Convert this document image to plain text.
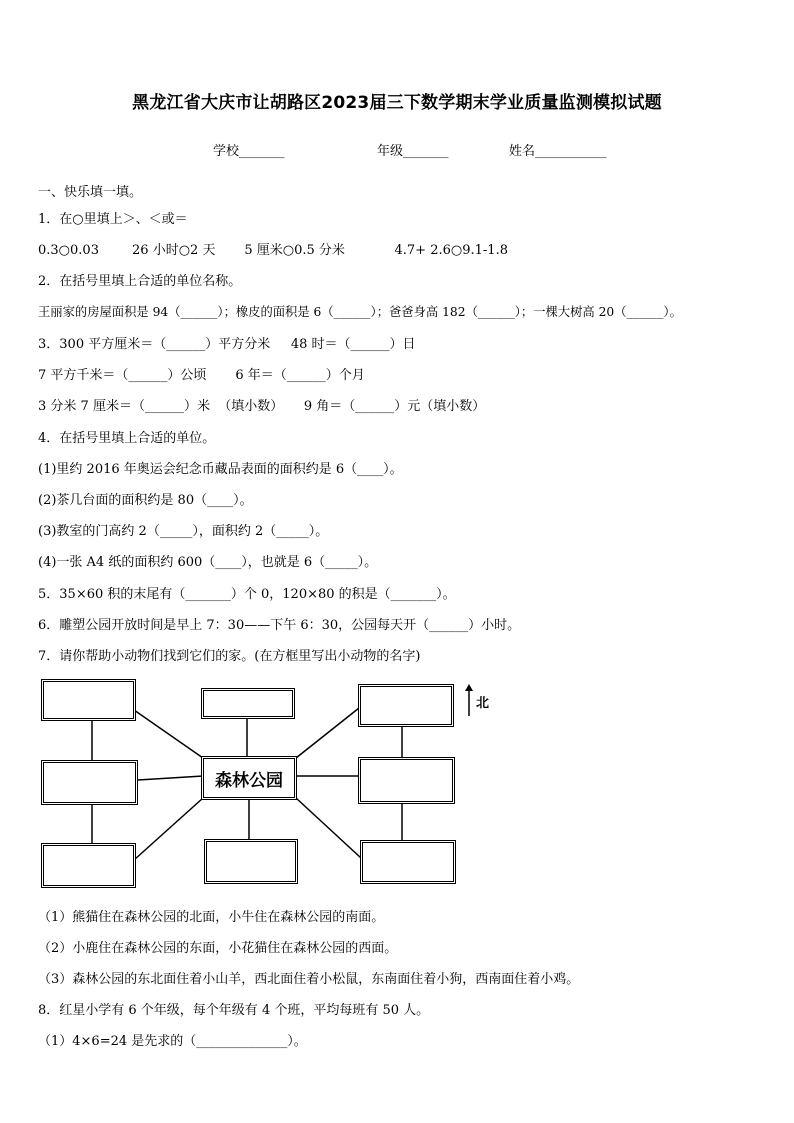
黑龙江省大庆市让胡路区2023届三下数学期末学业质量监测模拟试题
学校_______	年级_______	姓名___________
一、快乐填一填。
1．在○里填上＞、＜或＝
0.3○0.03        26 小时○2 天       5 厘米○0.5 分米            4.7+ 2.6○9.1-1.8
2．在括号里填上合适的单位名称。
王丽家的房屋面积是 94（______）；橡皮的面积是 6（______）；爸爸身高 182（______）；一棵大树高 20（______）。
3．300 平方厘米＝（______）平方分米     48 时＝（______）日
7 平方千米＝（______）公顷       6 年＝（______）个月
3 分米 7 厘米＝（______）米  （填小数）     9 角＝（______）元（填小数）
4．在括号里填上合适的单位。
(1)里约 2016 年奥运会纪念币藏品表面的面积约是 6（____）。
(2)茶几台面的面积约是 80（____）。
(3)教室的门高约 2（_____），面积约 2（_____）。
(4)一张 A4 纸的面积约 600（____），也就是 6（_____）。
5．35×60 积的末尾有（_______）个 0，120×80 的积是（_______）。
6．雕塑公园开放时间是早上 7：30——下午 6：30，公园每天开（______）小时。
7．请你帮助小动物们找到它们的家。(在方框里写出小动物的名字)
森林公园
北
（1）熊猫住在森林公园的北面，小牛住在森林公园的南面。
（2）小鹿住在森林公园的东面，小花猫住在森林公园的西面。
（3）森林公园的东北面住着小山羊，西北面住着小松鼠，东南面住着小狗，西南面住着小鸡。
8．红星小学有 6 个年级，每个年级有 4 个班，平均每班有 50 人。
（1）4×6=24 是先求的（______________）。
